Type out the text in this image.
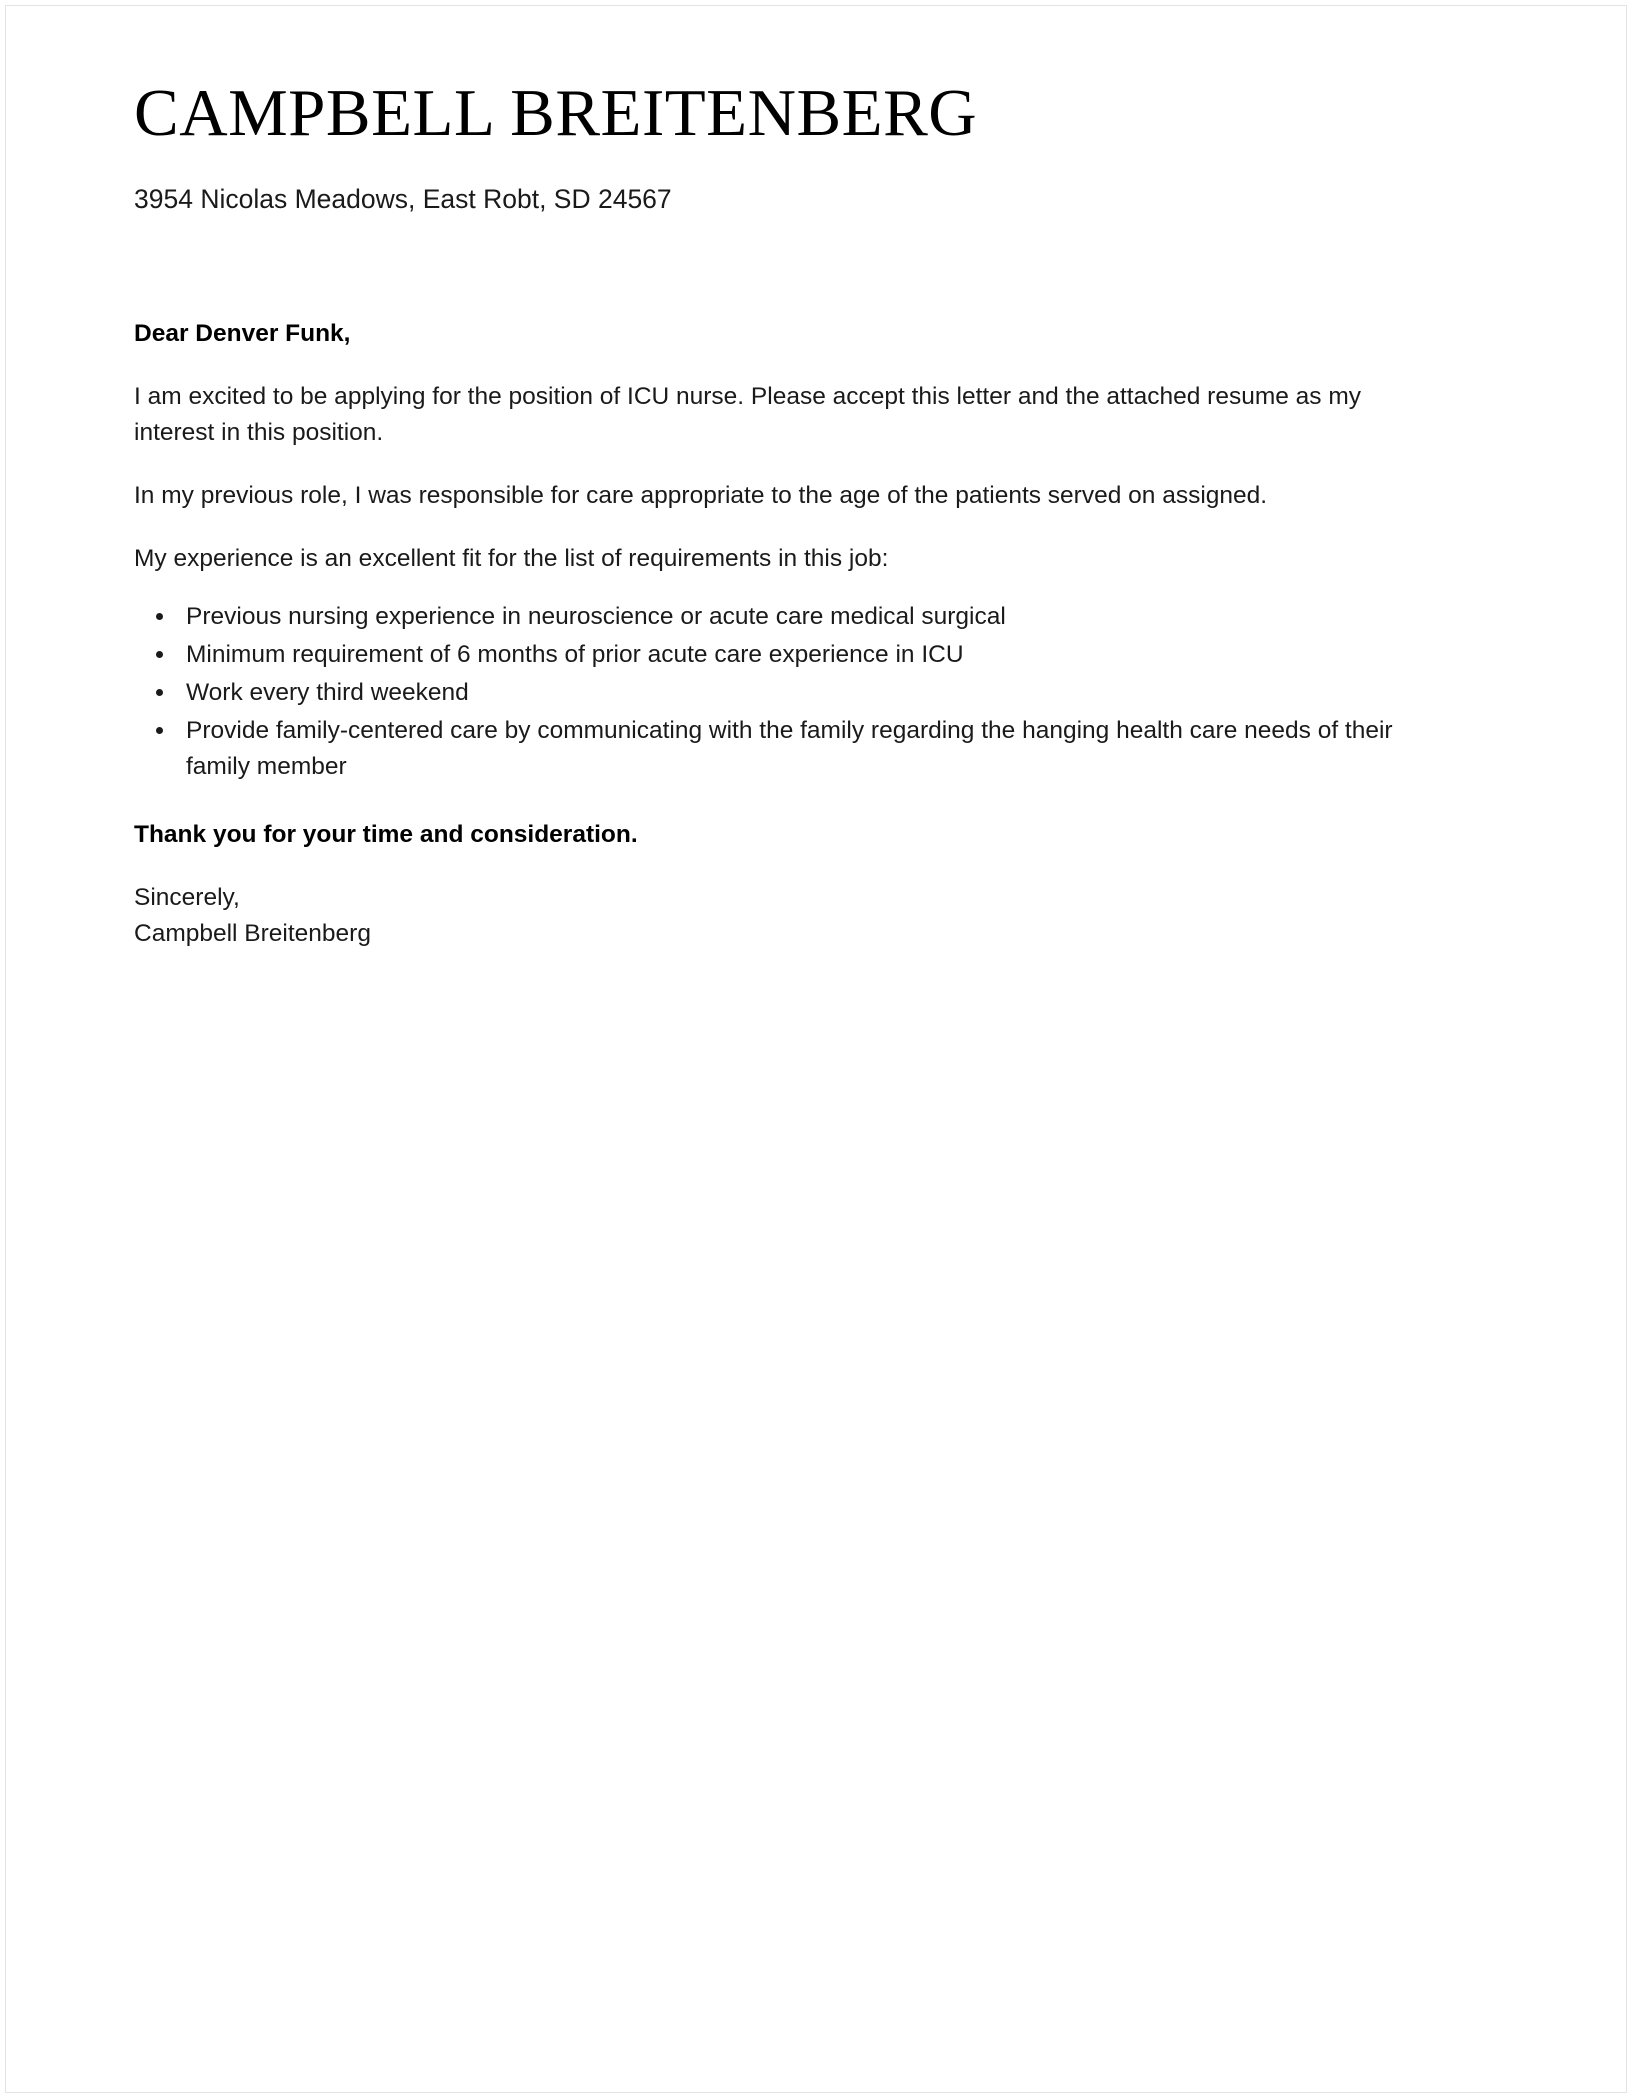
CAMPBELL BREITENBERG

3954 Nicolas Meadows, East Robt, SD 24567

Dear Denver Funk,

I am excited to be applying for the position of ICU nurse. Please accept this letter and the attached resume as my interest in this position.

In my previous role, I was responsible for care appropriate to the age of the patients served on assigned.

My experience is an excellent fit for the list of requirements in this job:

Previous nursing experience in neuroscience or acute care medical surgical
Minimum requirement of 6 months of prior acute care experience in ICU
Work every third weekend
Provide family-centered care by communicating with the family regarding the hanging health care needs of their family member

Thank you for your time and consideration.

Sincerely,
Campbell Breitenberg
